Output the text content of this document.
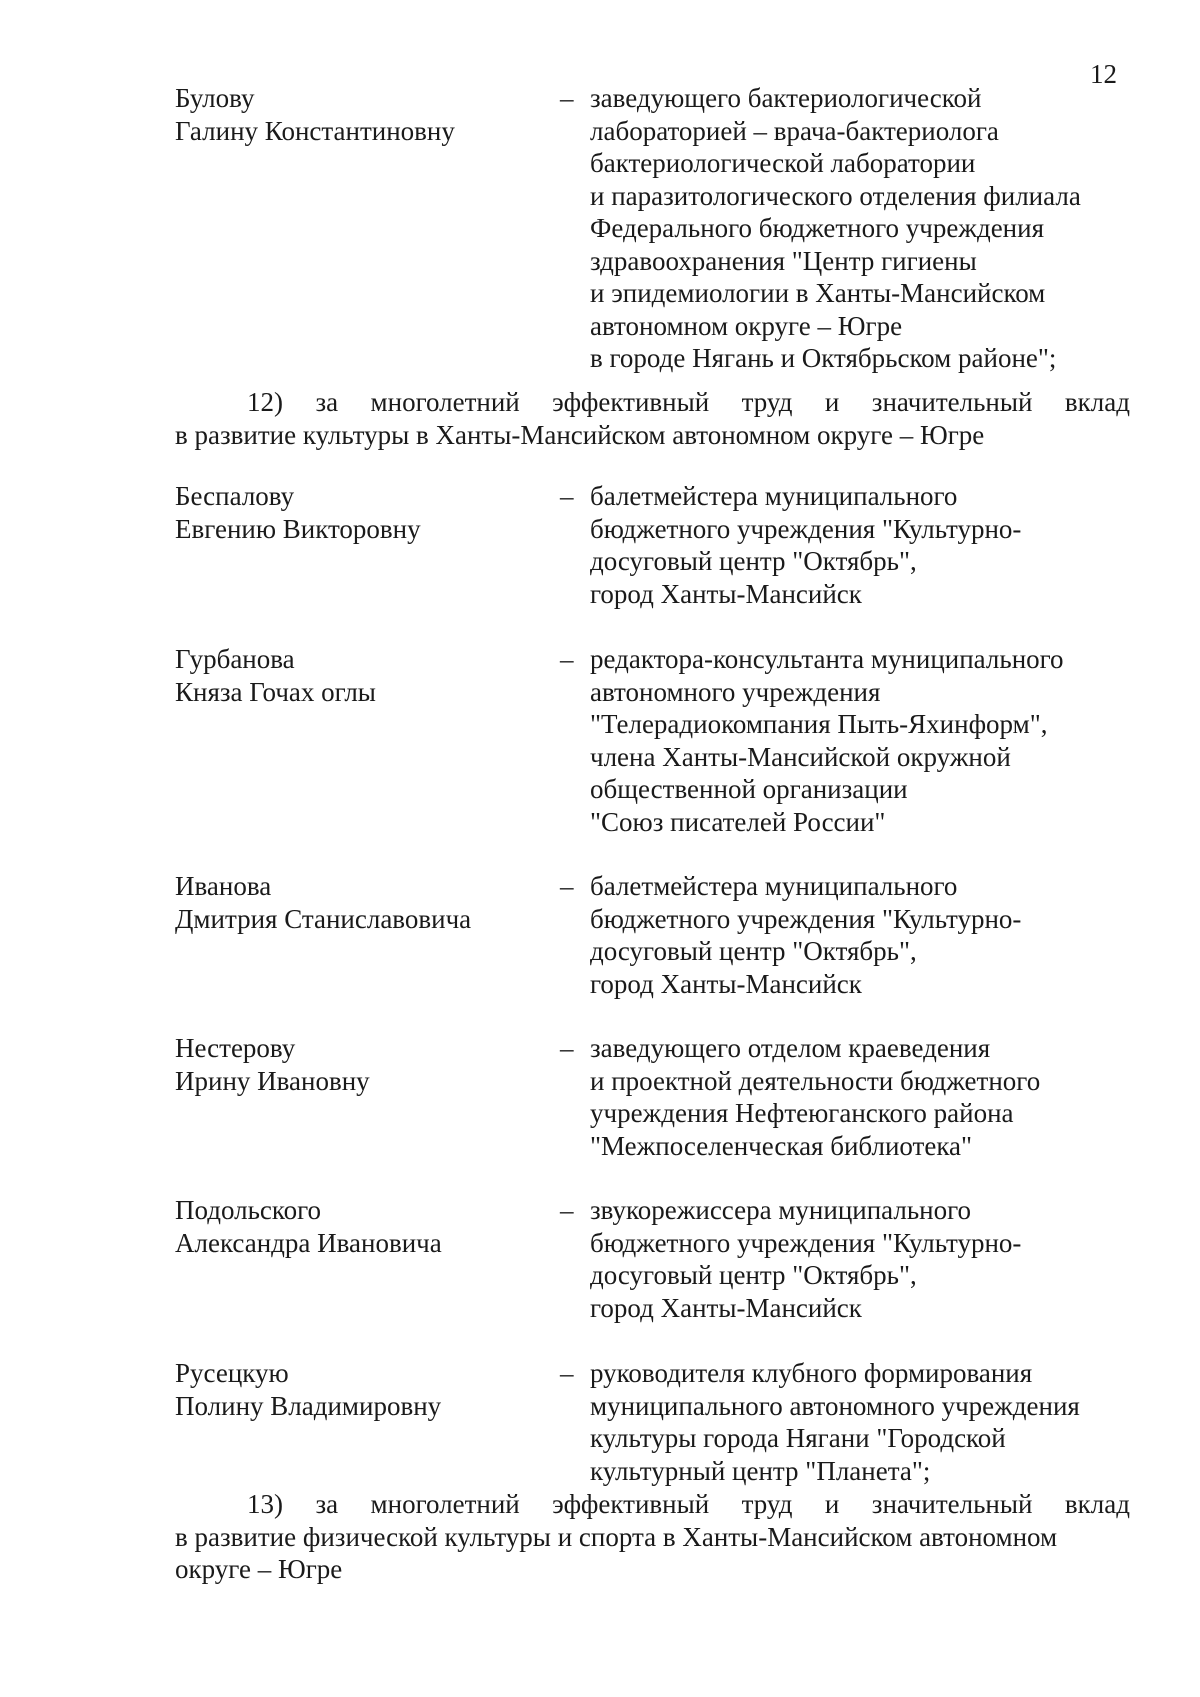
12
Булову
Галину Константиновну
– заведующего бактериологической
лабораторией – врача-бактериолога
бактериологической лаборатории
и паразитологического отделения филиала
Федерального бюджетного учреждения
здравоохранения "Центр гигиены
и эпидемиологии в Ханты-Мансийском
автономном округе – Югре
в городе Нягань и Октябрьском районе";
12) за многолетний эффективный труд и значительный вклад
в развитие культуры в Ханты-Мансийском автономном округе – Югре
Беспалову
Евгению Викторовну
– балетмейстера муниципального
бюджетного учреждения "Культурно-
досуговый центр "Октябрь",
город Ханты-Мансийск
Гурбанова
Княза Гочах оглы
– редактора-консультанта муниципального
автономного учреждения
"Телерадиокомпания Пыть-Яхинформ",
члена Ханты-Мансийской окружной
общественной организации
"Союз писателей России"
Иванова
Дмитрия Станиславовича
– балетмейстера муниципального
бюджетного учреждения "Культурно-
досуговый центр "Октябрь",
город Ханты-Мансийск
Нестерову
Ирину Ивановну
– заведующего отделом краеведения
и проектной деятельности бюджетного
учреждения Нефтеюганского района
"Межпоселенческая библиотека"
Подольского
Александра Ивановича
– звукорежиссера муниципального
бюджетного учреждения "Культурно-
досуговый центр "Октябрь",
город Ханты-Мансийск
Русецкую
Полину Владимировну
– руководителя клубного формирования
муниципального автономного учреждения
культуры города Нягани "Городской
культурный центр "Планета";
13) за многолетний эффективный труд и значительный вклад
в развитие физической культуры и спорта в Ханты-Мансийском автономном
округе – Югре
